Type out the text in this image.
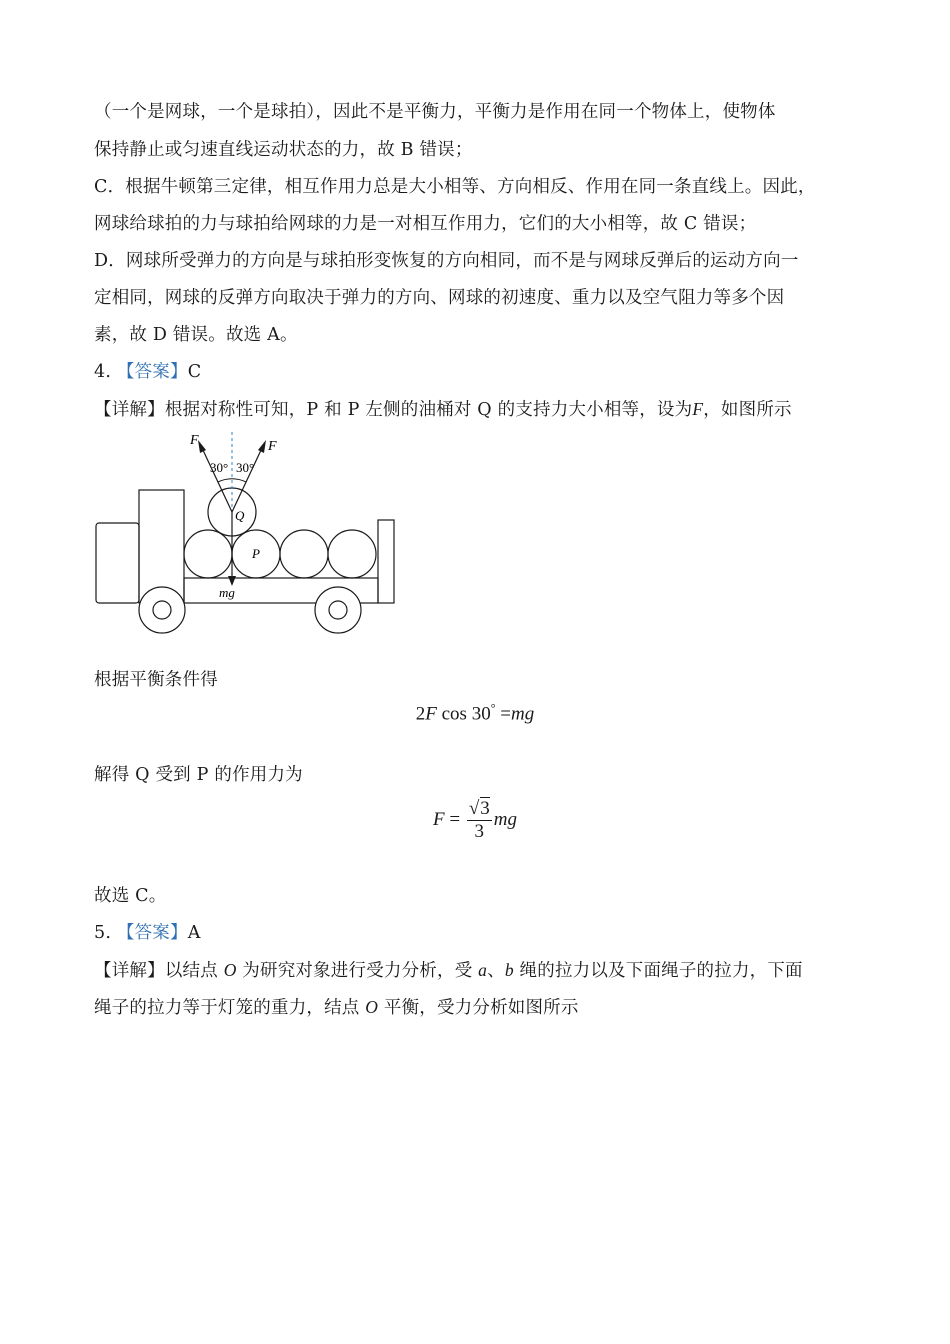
（一个是网球，一个是球拍），因此不是平衡力，平衡力是作用在同一个物体上，使物体
保持静止或匀速直线运动状态的力，故 B 错误；
C．根据牛顿第三定律，相互作用力总是大小相等、方向相反、作用在同一条直线上。因此，
网球给球拍的力与球拍给网球的力是一对相互作用力，它们的大小相等，故 C 错误；
D．网球所受弹力的方向是与球拍形变恢复的方向相同，而不是与网球反弹后的运动方向一
定相同，网球的反弹方向取决于弹力的方向、网球的初速度、重力以及空气阻力等多个因
素，故 D 错误。故选 A。
4. 【答案】C
【详解】根据对称性可知，P 和 P 左侧的油桶对 Q 的支持力大小相等，设为F，如图所示
F	F
30° 30°
Q
P
mg
根据平衡条件得
2F cos 30° =mg
解得 Q 受到 P 的作用力为
$F = \frac{√3}{3}$ mg
故选 C。
5. 【答案】A
【详解】以结点 O 为研究对象进行受力分析，受 a、b 绳的拉力以及下面绳子的拉力，下面
绳子的拉力等于灯笼的重力，结点 O 平衡，受力分析如图所示
